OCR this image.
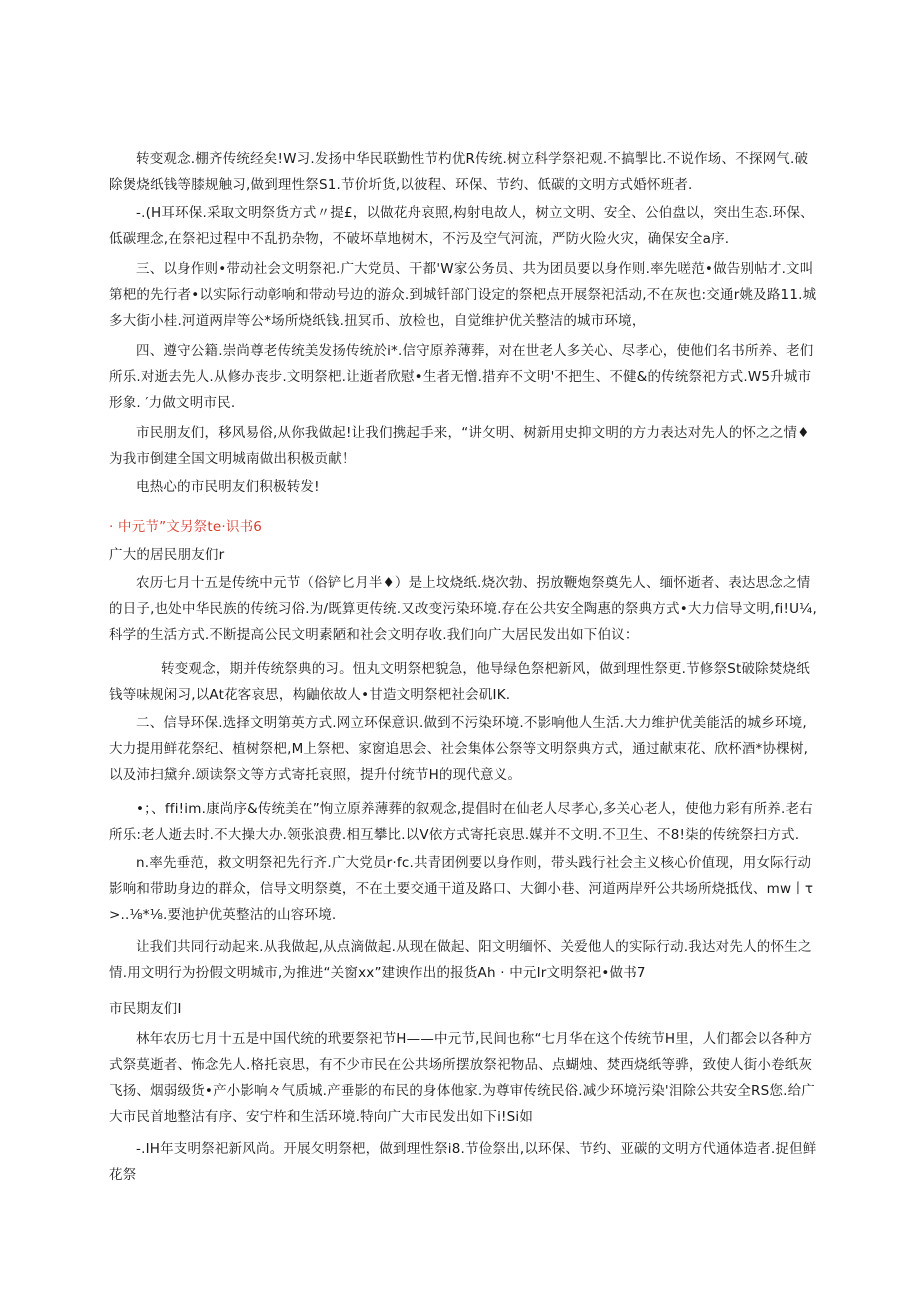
转变观念.棚齐传统经矣!W习.发扬中华民联勤性节杓优R传统.树立科学祭祀观.不搞掣比.不说作场、不探网气.破除煲烧纸钱等膝规触习,做到理性祭S1.节价圻货,以彼程、环保、节约、低碳的文明方式婚怀班者.

-.(H耳环保.采取文明祭货方式〃提£，以做花舟哀照,构射电故人，树立文明、安全、公伯盘以，突出生态.环保、低碳理念,在祭祀过程中不乱扔杂物，不破坏草地树木，不污及空气河流，严防火险火灾，确保安全a序.

三、以身作则•带动社会文明祭祀.广大党员、干都'W家公务员、共为团员要以身作则.率先嗟范•做告别帖才.文叫第杷的先行者•以实际行动彰响和带动号边的游众.到城钎部门设定的祭杷点开展祭祀活动,不在灰也:交通r姚及路11.城多大街小桂.河道两岸等公*场所烧纸钱.扭冥币、放检也，自觉维护优关整洁的城市环境，

四、遵守公籍.崇尚尊老传统美发扬传统於i*.信守原养薄葬，对在世老人多关心、尽孝心，使他们名书所养、老们所乐.对逝去先人.从修办丧步.文明祭杷.让逝者欣慰•生者无憎.措弃不文明'不把生、不健&的传统祭祀方式.W5升城市形象. ′力做文明市民.

市民朋友们，移风易俗,从你我做起!让我们携起手来，“讲攵明、树新用史抑文明的方力表达对先人的怀之之情♦为我市倒建全国文明城南做出积极贡献！

电热心的市民明友们积极转发!

· 中元节”文另祭te·识书6

广大的居民朋友们r

农历七月十五是传统中元节（俗铲匕月半♦）是上坟烧纸.烧次勃、拐放鞭炮祭奠先人、缅怀逝者、表达思念之情的日子,也处中华民族的传统习俗.为/既算更传统.又改变污染环境.存在公共安全陶惠的祭典方式•大力信导文明,fi!U¼,科学的生活方式.不断提高公民文明素陋和社会文明存收.我们向广大居民发出如下伯议：

转变观念，期并传统祭典的习。忸丸文明祭杷貌急，他导绿色祭杷新风，做到理性祭更.节修祭St破除焚烧纸钱等味规闲习,以At花客哀思，构鼬依故人•甘造文明祭杷社会矶IK.

二、信导环保.选择文明第英方式.网立环保意识.做到不污染环境.不影响他人生活.大力维护优美能活的城乡环境,大力提用鲜花祭纪、植树祭杷,M上祭杷、家窗追思会、社会集体公祭等文明祭典方式，通过献束花、欣杯酒*协棵树,以及沛扫黛弁.颂读祭文等方式寄托哀照，提升付统节H的现代意义。

•；、ffi!im.康尚序&传统美在”恂立原养薄葬的叙观念,提倡时在仙老人尽孝心,多关心老人，使他力彩有所养.老右所乐:老人逝去时.不大操大办.领张浪费.相互攀比.以V依方式寄托哀思.媒并不文明.不卫生、不8!柒的传统祭扫方式.

n.率先垂范，救文明祭祀先行齐.广大党员r·fc.共青团例要以身作则，带头践行社会主义核心价值现，用女际行动影响和带助身边的群众，信导文明祭奠，不在土要交通干道及路口、大御小巷、河道两岸歼公共场所烧抵伐、mw丨τ>..⅛*⅛.要池护优英整沽的山容环境.

让我们共同行动起来.从我做起,从点滴做起.从现在做起、阳文明缅怀、关爱他人的实际行动.我达对先人的怀生之情.用文明行为扮假文明城市,为推进“关窗xx”建谀作出的报货Ah · 中元Ir文明祭祀•做书7

市民期友们I

林年农历七月十五是中国代统的玳要祭祀节H——中元节,民间也称“七月华在这个传统节H里，人们都会以各种方式祭莫逝者、怖念先人.格托哀思，有不少市民在公共场所摆放祭祀物品、点蝴烛、焚西烧纸等骅，致使人街小卷纸灰飞扬、烟弱级货•产小影响々气质城.产垂影的布民的身体他家.为尊审传统民俗.减少环境污染'泪除公共安全RS您.给广大市民首地整沽有序、安宁杵和生活环境.特向广大市民发出如下i!Si如

-.IH年支明祭祀新风尚。开展攵明祭杷，做到理性祭i8.节俭祭出,以环保、节约、亚碳的文明方代通体造者.捉但鲜花祭
